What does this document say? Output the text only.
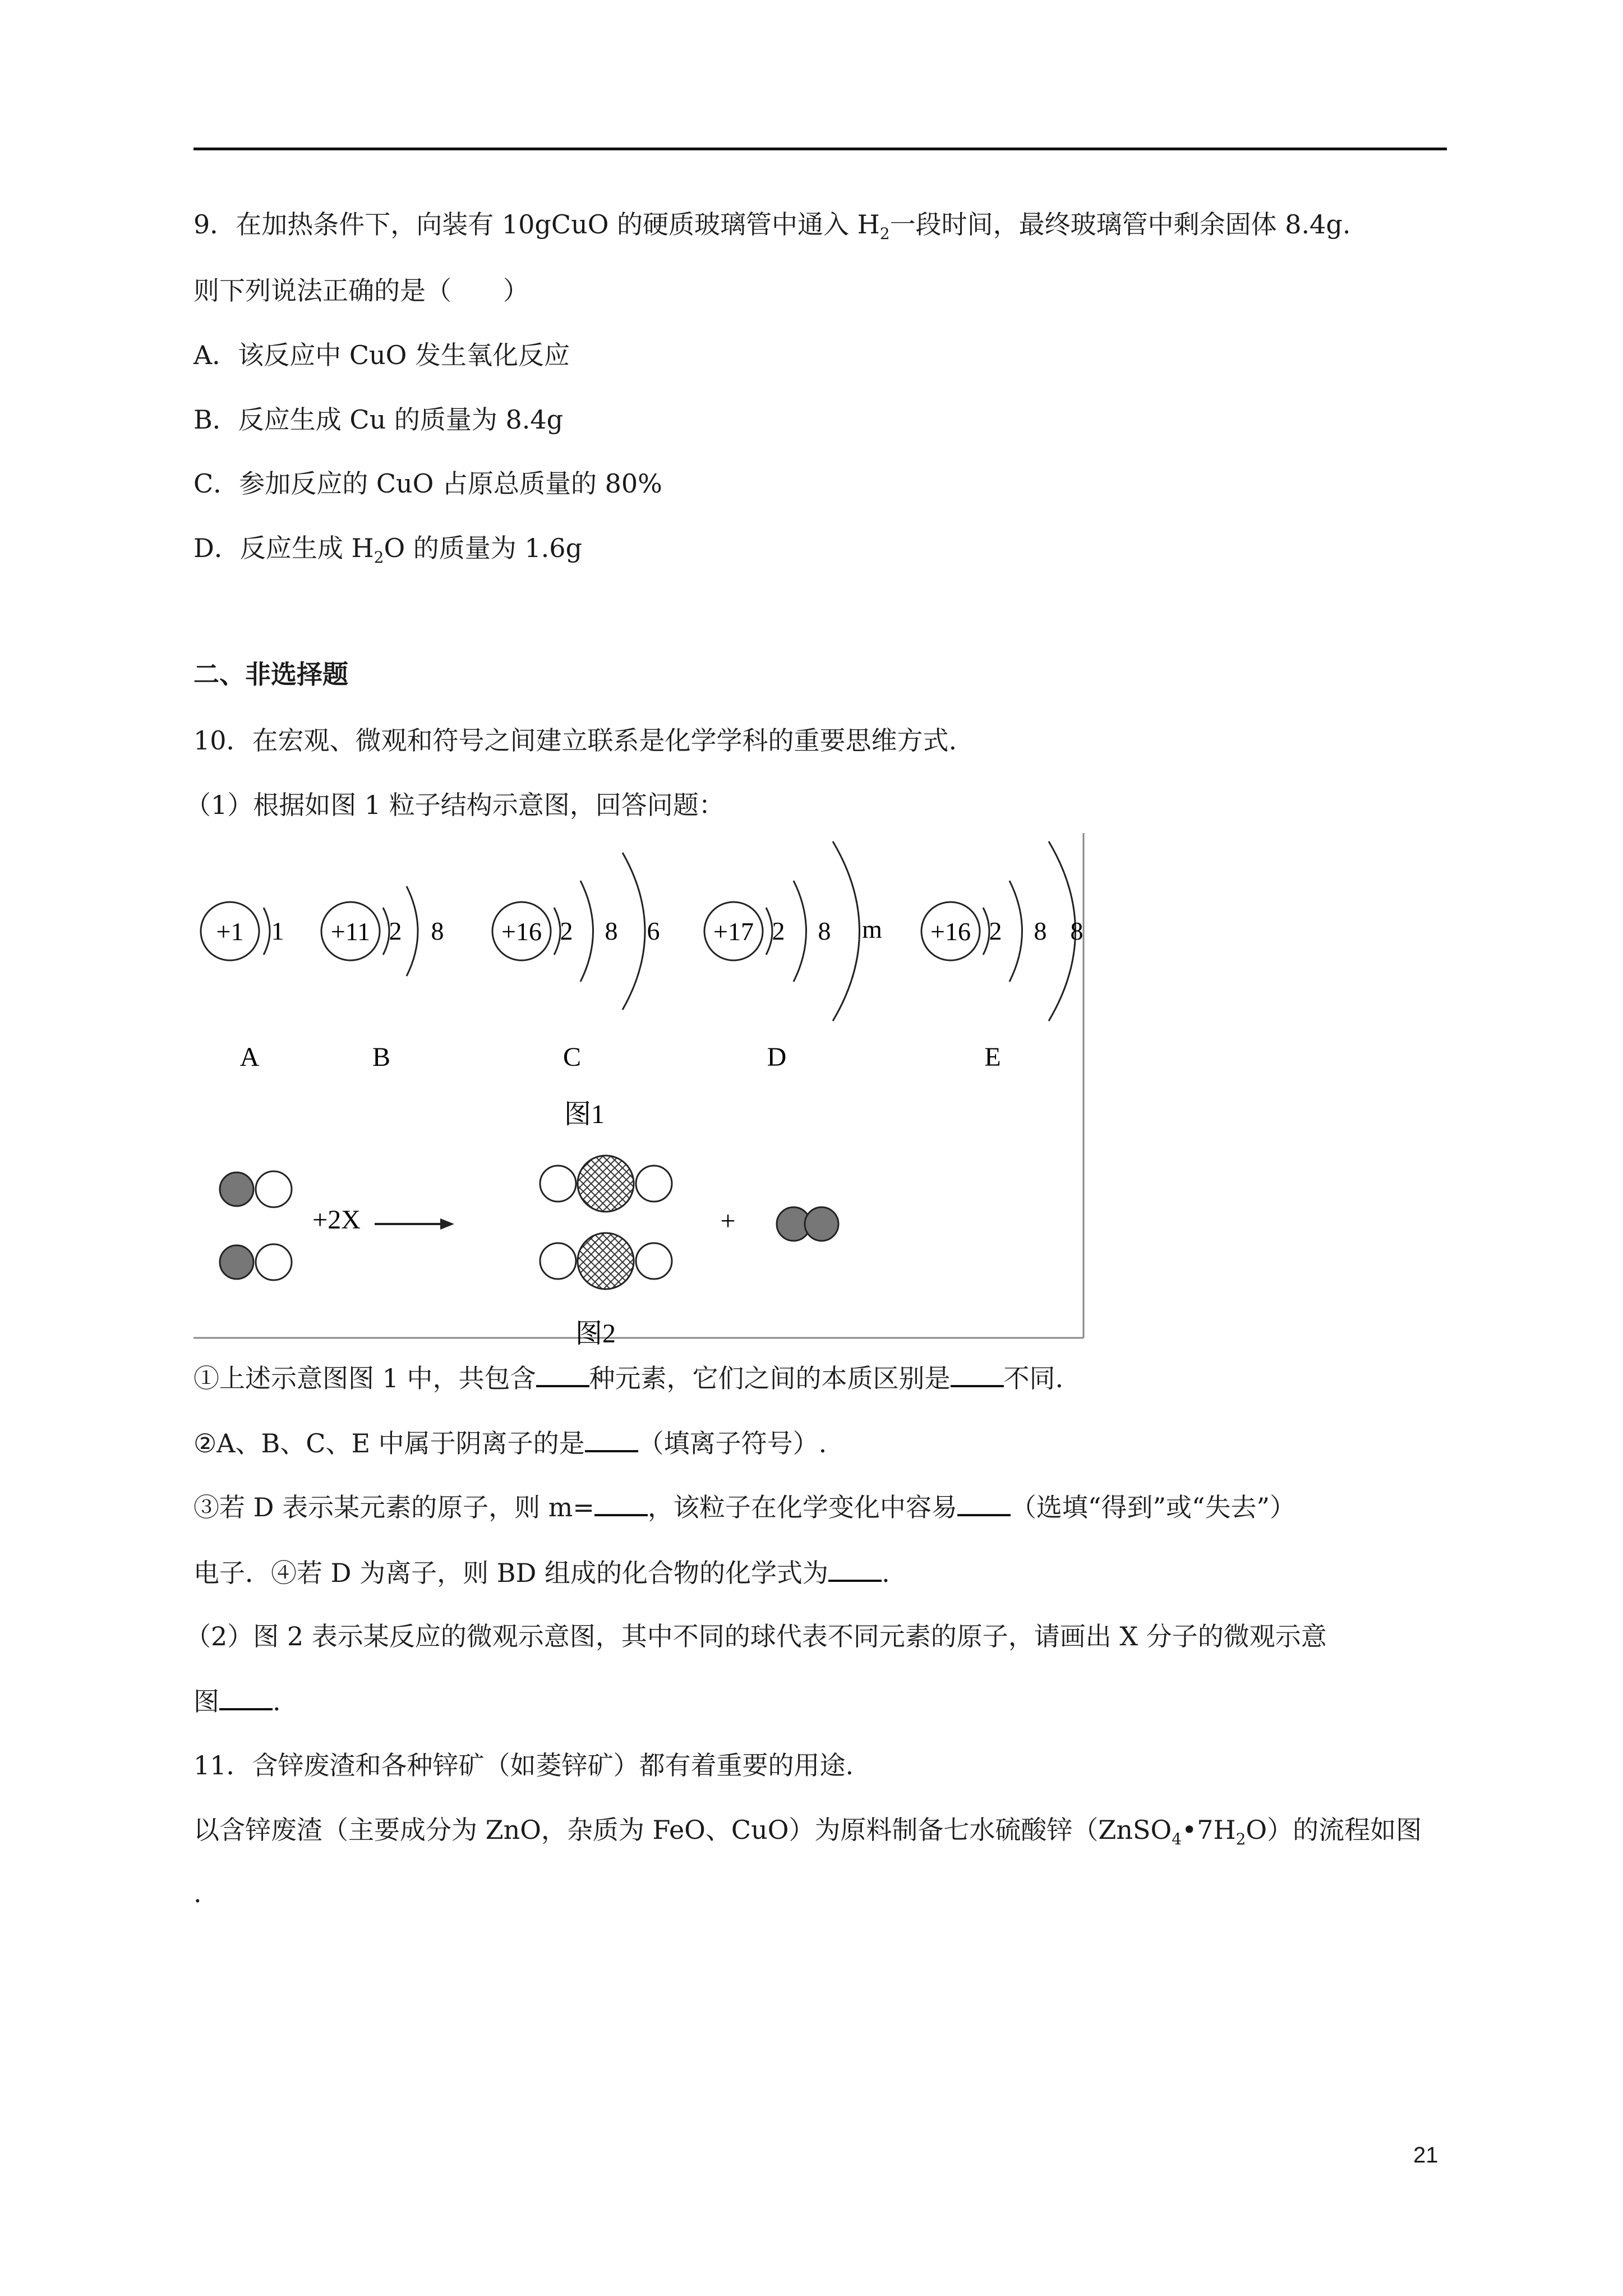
9．在加热条件下，向装有 10gCuO 的硬质玻璃管中通入 $H_2$一段时间，最终玻璃管中剩余固体 8.4g.
则下列说法正确的是（　　）
A．该反应中 CuO 发生氧化反应
B．反应生成 Cu 的质量为 8.4g
C．参加反应的 CuO 占原总质量的 80%
D．反应生成 $H_2O$ 的质量为 1.6g
二、非选择题
10．在宏观、微观和符号之间建立联系是化学学科的重要思维方式.
（1）根据如图 1 粒子结构示意图，回答问题：
+1 1
A
+11 2 8
B
+16 2 8 6
C
+17 2 8 m
D
+16 2 8 8
E
图1
+2X	+
图2
①上述示意图图 1 中，共包含 种元素，它们之间的本质区别是 不同.
②A、B、C、E 中属于阴离子的是 （填离子符号）.
③若 D 表示某元素的原子，则 m= ，该粒子在化学变化中容易 （选填“得到”或“失去”）
电子．④若 D 为离子，则 BD 组成的化合物的化学式为 .
（2）图 2 表示某反应的微观示意图，其中不同的球代表不同元素的原子，请画出 X 分子的微观示意
图 .
11．含锌废渣和各种锌矿（如菱锌矿）都有着重要的用途.
以含锌废渣（主要成分为 ZnO，杂质为 FeO、CuO）为原料制备七水硫酸锌$(ZnSO_4•7H_2O)$的流程如图
.
21
